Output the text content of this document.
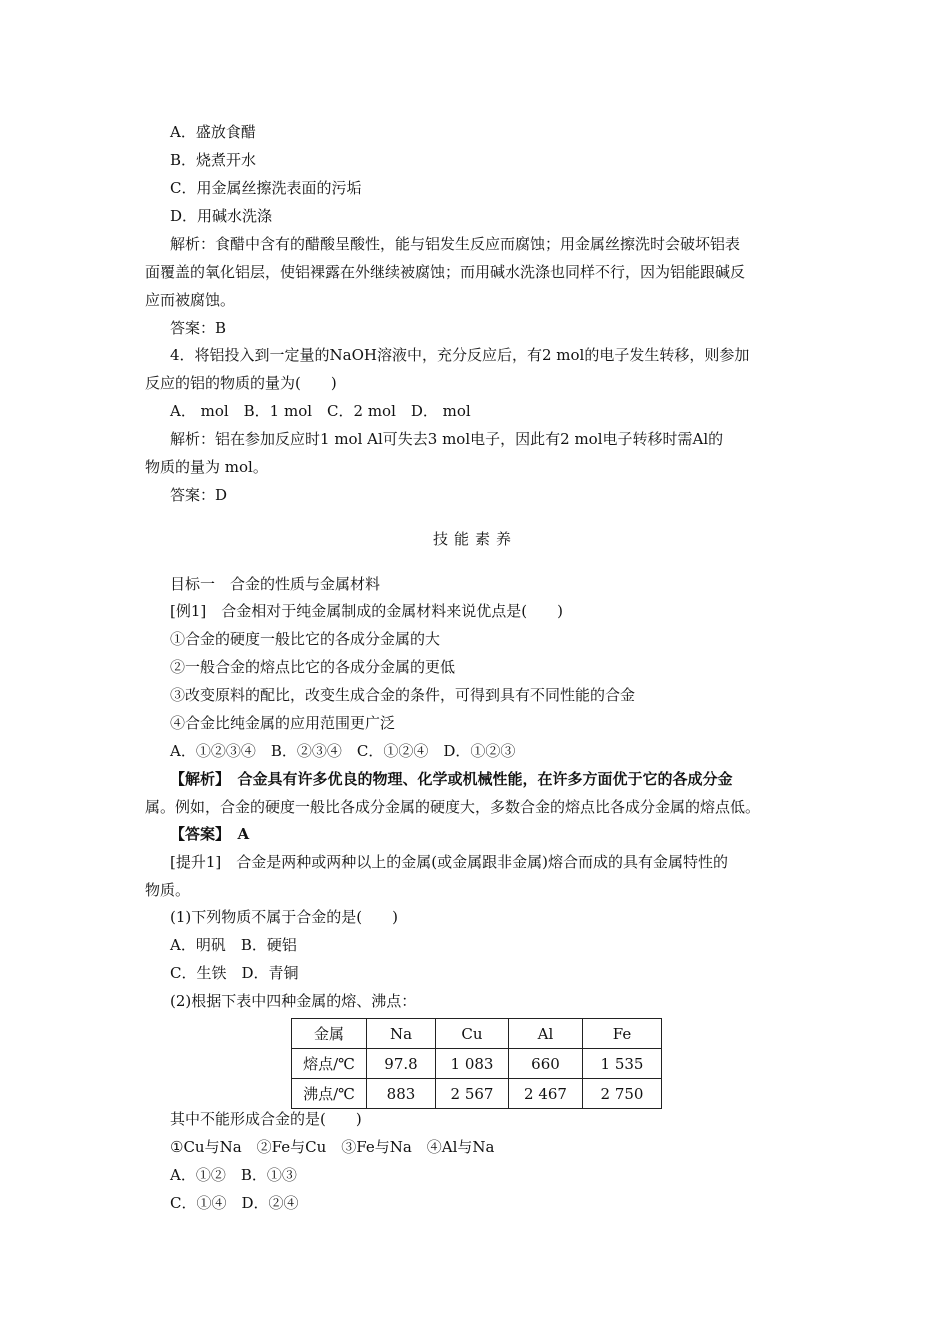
A．盛放食醋
B．烧煮开水
C．用金属丝擦洗表面的污垢
D．用碱水洗涤
解析：食醋中含有的醋酸呈酸性，能与铝发生反应而腐蚀；用金属丝擦洗时会破坏铝表
面覆盖的氧化铝层，使铝裸露在外继续被腐蚀；而用碱水洗涤也同样不行，因为铝能跟碱反
应而被腐蚀。
答案：B
4．将铝投入到一定量的NaOH溶液中，充分反应后，有2 mol的电子发生转移，则参加
反应的铝的物质的量为(　　)
A． mol　B．1 mol　C．2 mol　D． mol
解析：铝在参加反应时1 mol Al可失去3 mol电子，因此有2 mol电子转移时需Al的
物质的量为 mol。
答案：D
技能素养
目标一　合金的性质与金属材料
[例1]　合金相对于纯金属制成的金属材料来说优点是(　　)
①合金的硬度一般比它的各成分金属的大
②一般合金的熔点比它的各成分金属的更低
③改变原料的配比，改变生成合金的条件，可得到具有不同性能的合金
④合金比纯金属的应用范围更广泛
A．①②③④　B．②③④　C．①②④　D．①②③
【解析】　合金具有许多优良的物理、化学或机械性能，在许多方面优于它的各成分金
属。例如，合金的硬度一般比各成分金属的硬度大，多数合金的熔点比各成分金属的熔点低。
【答案】　A
[提升1]　合金是两种或两种以上的金属(或金属跟非金属)熔合而成的具有金属特性的
物质。
(1)下列物质不属于合金的是(　　)
A．明矾　B．硬铝
C．生铁　D．青铜
(2)根据下表中四种金属的熔、沸点：
金属	Na	Cu	Al	Fe
熔点/℃	97.8	1 083	660	1 535
沸点/℃	883	2 567	2 467	2 750
其中不能形成合金的是(　　)
①Cu与Na　②Fe与Cu　③Fe与Na　④Al与Na
A．①②　B．①③
C．①④　D．②④
